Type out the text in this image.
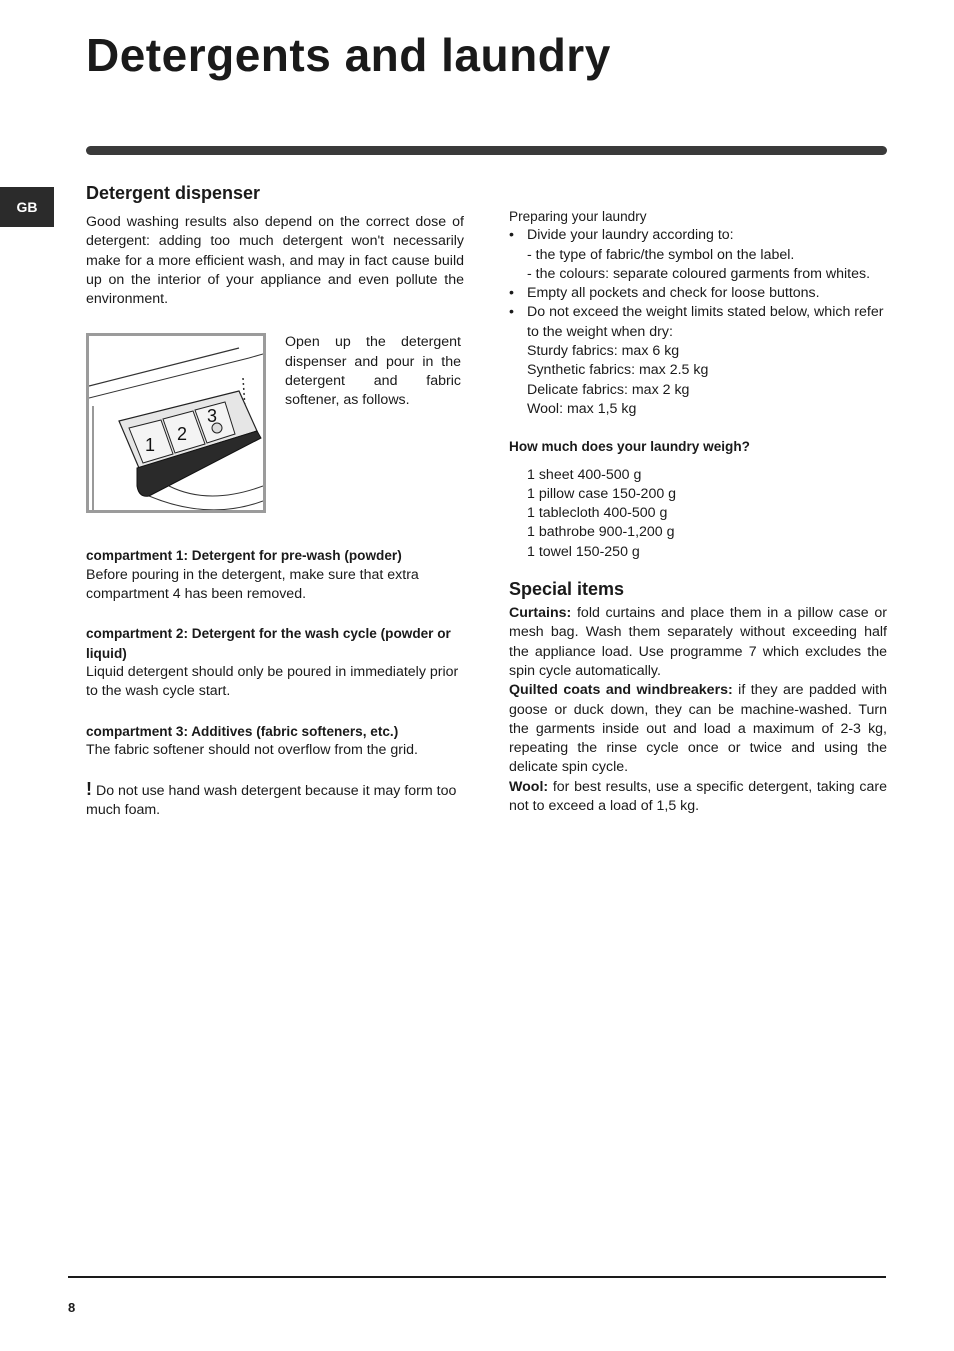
Detergents and laundry
GB
Detergent dispenser

Good washing results also depend on the correct dose of detergent: adding too much detergent won't necessarily make for a more efficient wash, and may in fact cause build up on the interior of your appliance and even pollute the environment.

1
2
3

Open up the detergent dispenser and pour in the detergent and fabric softener, as follows.

compartment 1: Detergent for pre-wash (powder)

Before pouring in the detergent, make sure that extra compartment 4 has been removed.

compartment 2: Detergent for the wash cycle (powder or liquid)

Liquid detergent should only be poured in immediately prior to the wash cycle start.

compartment 3: Additives (fabric softeners, etc.)

The fabric softener should not overflow from the grid.

! Do not use hand wash detergent because it may form too much foam.

Preparing your laundry

• Divide your laundry according to:
- the type of fabric/the symbol on the label.
- the colours: separate coloured garments from whites.
• Empty all pockets and check for loose buttons.
• Do not exceed the weight limits stated below, which refer to the weight when dry:
Sturdy fabrics: max 6 kg
Synthetic fabrics: max 2.5 kg
Delicate fabrics: max 2 kg
Wool: max 1,5 kg

How much does your laundry weigh?

1 sheet 400-500 g
1 pillow case 150-200 g
1 tablecloth 400-500 g
1 bathrobe 900-1,200 g
1 towel 150-250 g
Special items

Curtains: fold curtains and place them in a pillow case or mesh bag. Wash them separately without exceeding half the appliance load. Use programme 7 which excludes the spin cycle automatically.

Quilted coats and windbreakers: if they are padded with goose or duck down, they can be machine-washed. Turn the garments inside out and load a maximum of 2-3 kg, repeating the rinse cycle once or twice and using the delicate spin cycle.

Wool: for best results, use a specific detergent, taking care not to exceed a load of 1,5 kg.

8
